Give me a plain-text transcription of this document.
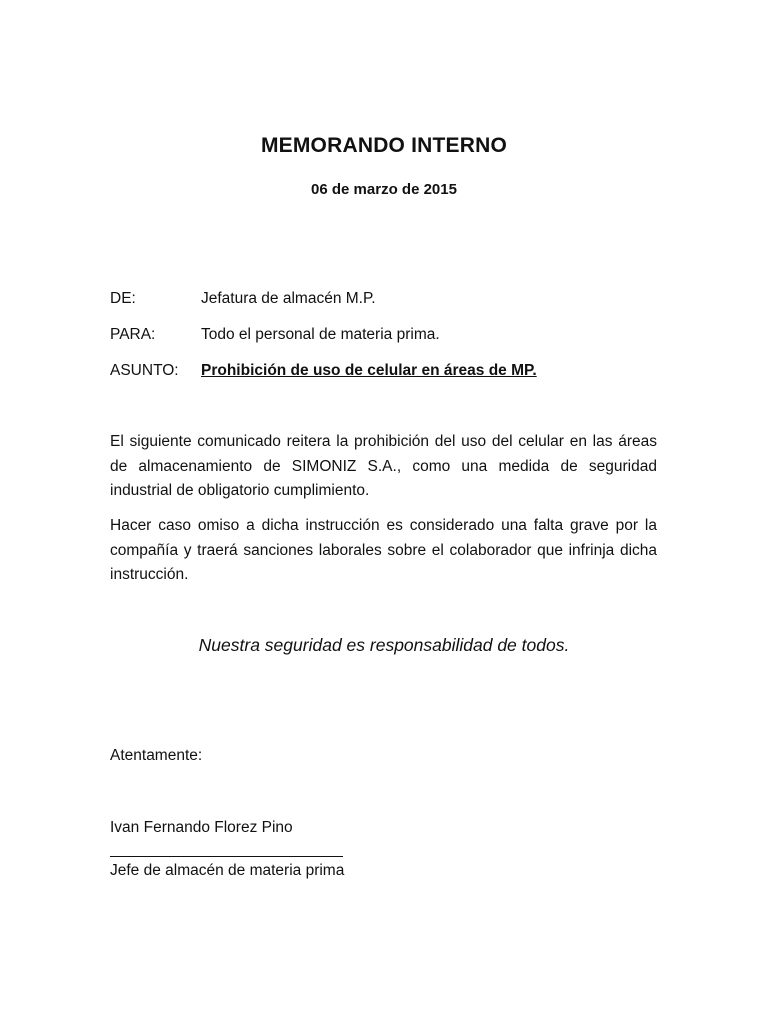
MEMORANDO INTERNO
06 de marzo de 2015
DE:	Jefatura de almacén M.P.
PARA:	Todo el personal de materia prima.
ASUNTO: Prohibición de uso de celular en áreas de MP.

El siguiente comunicado reitera la prohibición del uso del celular en las áreas de almacenamiento de SIMONIZ S.A., como una medida de seguridad industrial de obligatorio cumplimiento.

Hacer caso omiso a dicha instrucción es considerado una falta grave por la compañía y traerá sanciones laborales sobre el colaborador que infrinja dicha instrucción.

Nuestra seguridad es responsabilidad de todos.
Atentamente:
Ivan Fernando Florez Pino
Jefe de almacén de materia prima
